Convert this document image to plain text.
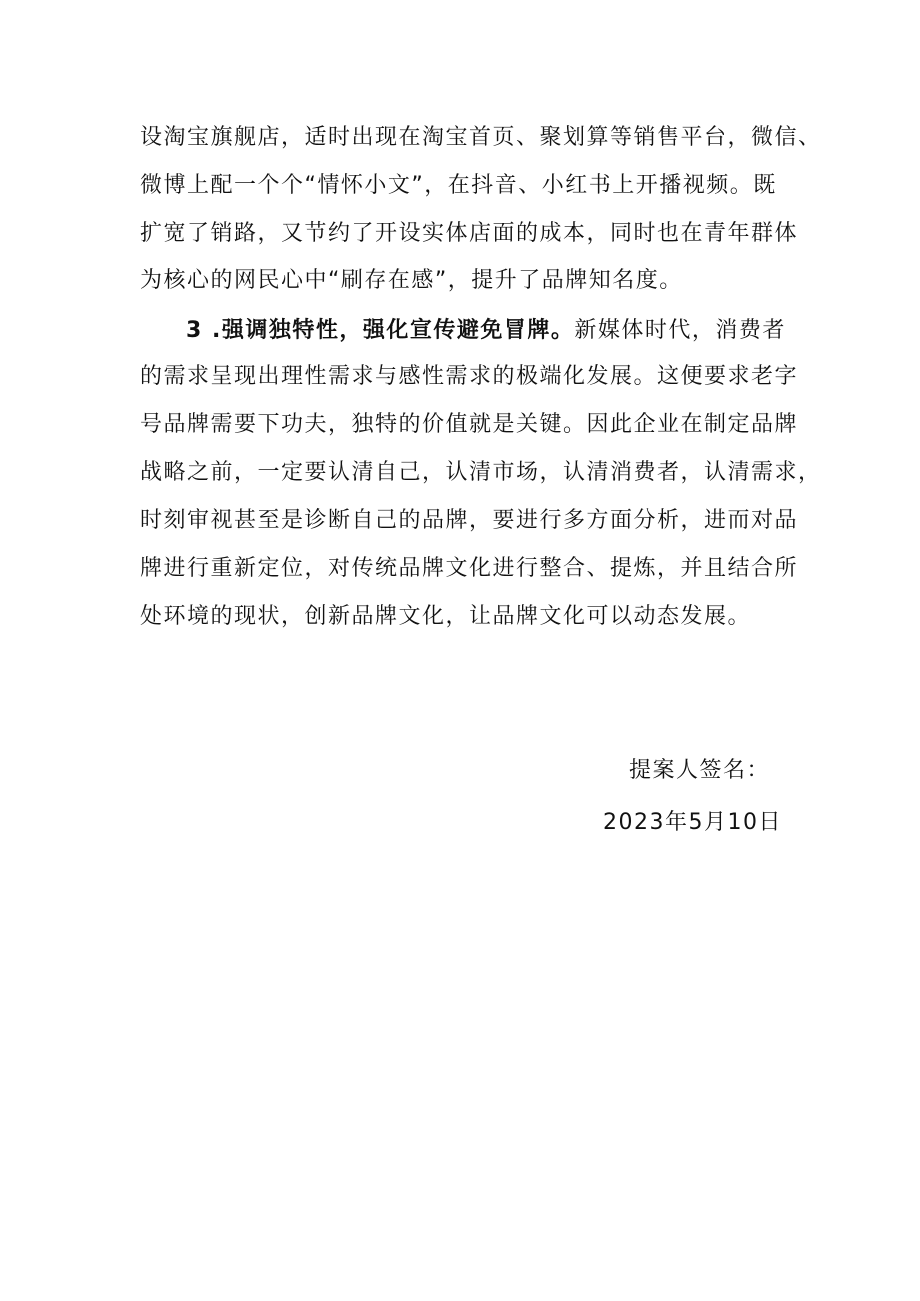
设淘宝旗舰店，适时出现在淘宝首页、聚划算等销售平台，微信、
微博上配一个个“情怀小文”，在抖音、小红书上开播视频。既
扩宽了销路，又节约了开设实体店面的成本，同时也在青年群体
为核心的网民心中“刷存在感”，提升了品牌知名度。
3 .强调独特性，强化宣传避免冒牌。新媒体时代，消费者
的需求呈现出理性需求与感性需求的极端化发展。这便要求老字
号品牌需要下功夫，独特的价值就是关键。因此企业在制定品牌
战略之前，一定要认清自己，认清市场，认清消费者，认清需求，
时刻审视甚至是诊断自己的品牌，要进行多方面分析，进而对品
牌进行重新定位，对传统品牌文化进行整合、提炼，并且结合所
处环境的现状，创新品牌文化，让品牌文化可以动态发展。
提案人签名：
2023年5月10日
